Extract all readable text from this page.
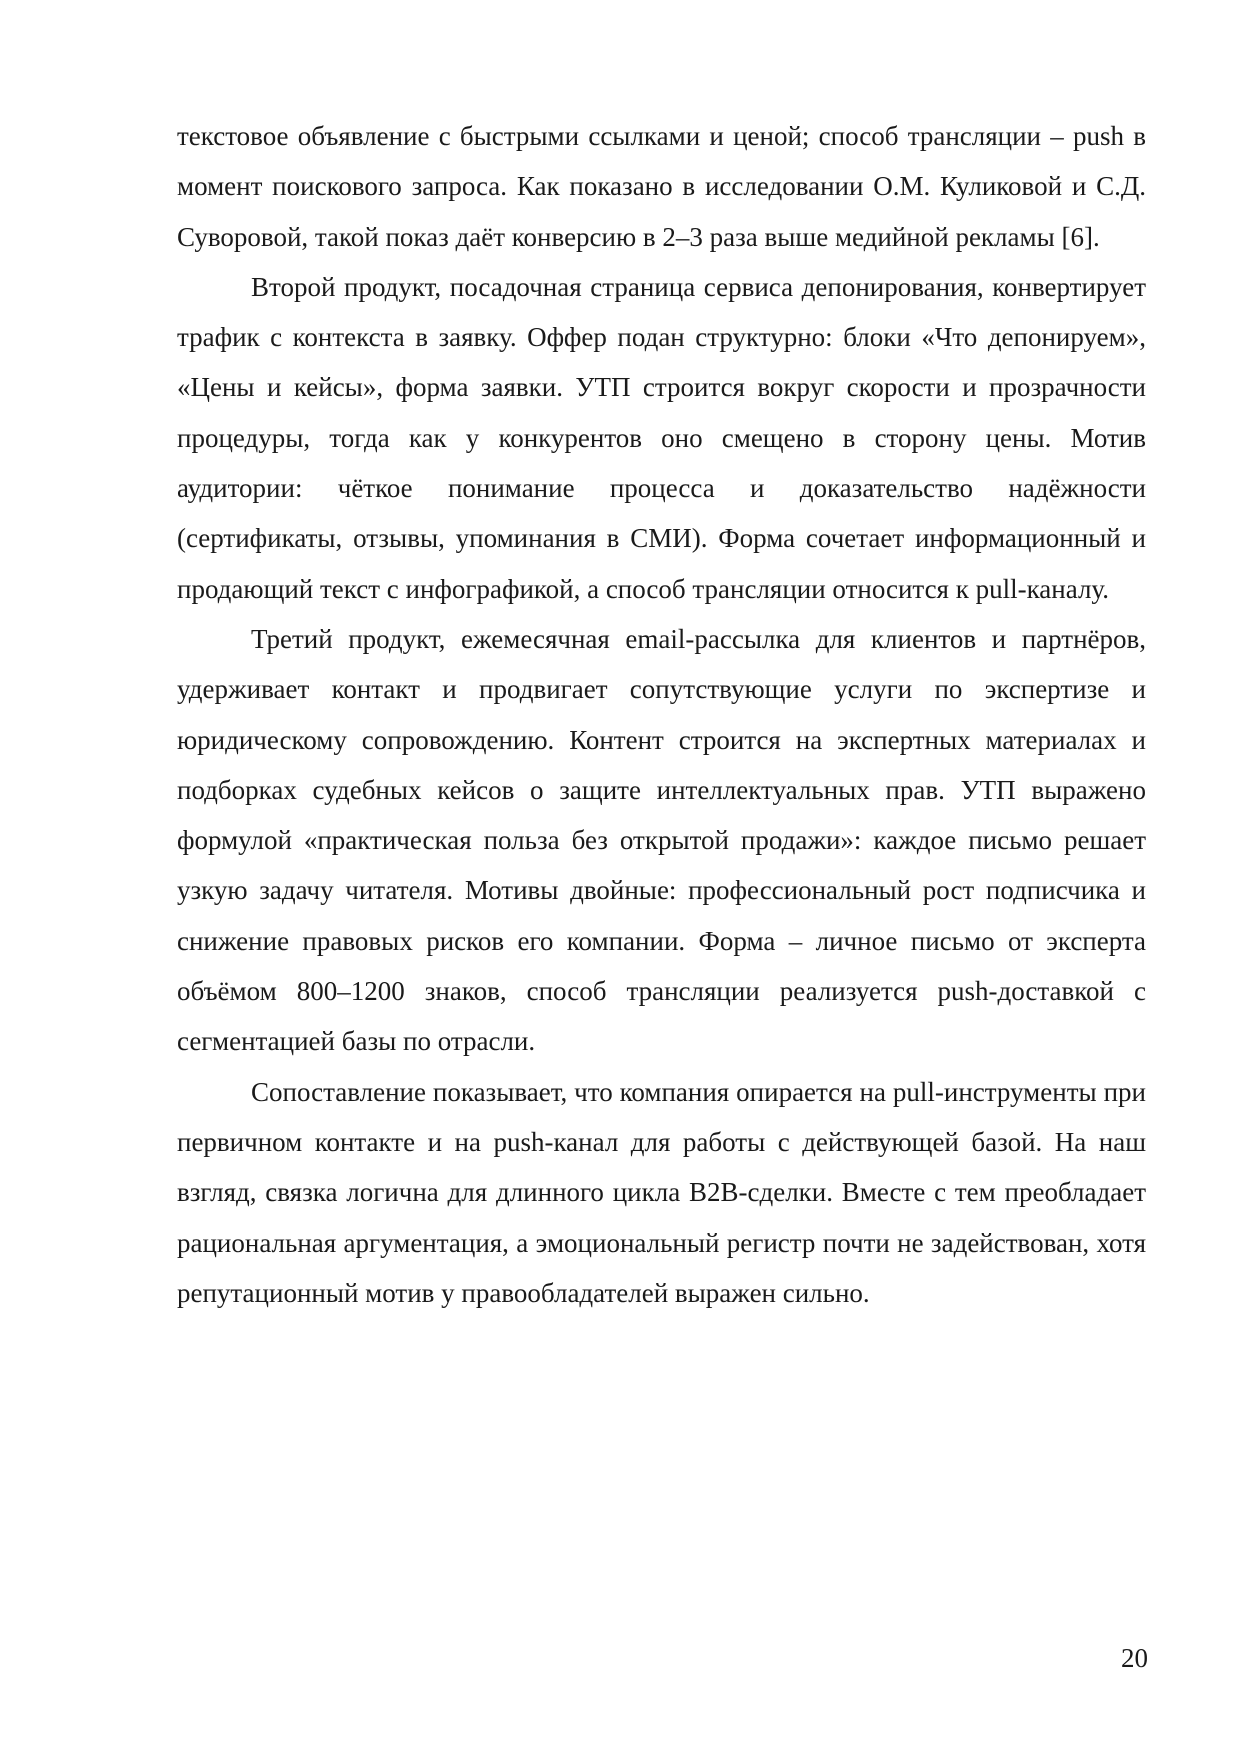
текстовое объявление с быстрыми ссылками и ценой; способ трансляции – push в момент поискового запроса. Как показано в исследовании О.М. Куликовой и С.Д. Суворовой, такой показ даёт конверсию в 2–3 раза выше медийной рекламы [6].

Второй продукт, посадочная страница сервиса депонирования, конвертирует трафик с контекста в заявку. Оффер подан структурно: блоки «Что депонируем», «Цены и кейсы», форма заявки. УТП строится вокруг скорости и прозрачности процедуры, тогда как у конкурентов оно смещено в сторону цены. Мотив аудитории: чёткое понимание процесса и доказательство надёжности (сертификаты, отзывы, упоминания в СМИ). Форма сочетает информационный и продающий текст с инфографикой, а способ трансляции относится к pull-каналу.

Третий продукт, ежемесячная email-рассылка для клиентов и партнёров, удерживает контакт и продвигает сопутствующие услуги по экспертизе и юридическому сопровождению. Контент строится на экспертных материалах и подборках судебных кейсов о защите интеллектуальных прав. УТП выражено формулой «практическая польза без открытой продажи»: каждое письмо решает узкую задачу читателя. Мотивы двойные: профессиональный рост подписчика и снижение правовых рисков его компании. Форма – личное письмо от эксперта объёмом 800–1200 знаков, способ трансляции реализуется push-доставкой с сегментацией базы по отрасли.

Сопоставление показывает, что компания опирается на pull-инструменты при первичном контакте и на push-канал для работы с действующей базой. На наш взгляд, связка логична для длинного цикла B2B-сделки. Вместе с тем преобладает рациональная аргументация, а эмоциональный регистр почти не задействован, хотя репутационный мотив у правообладателей выражен сильно.

20
